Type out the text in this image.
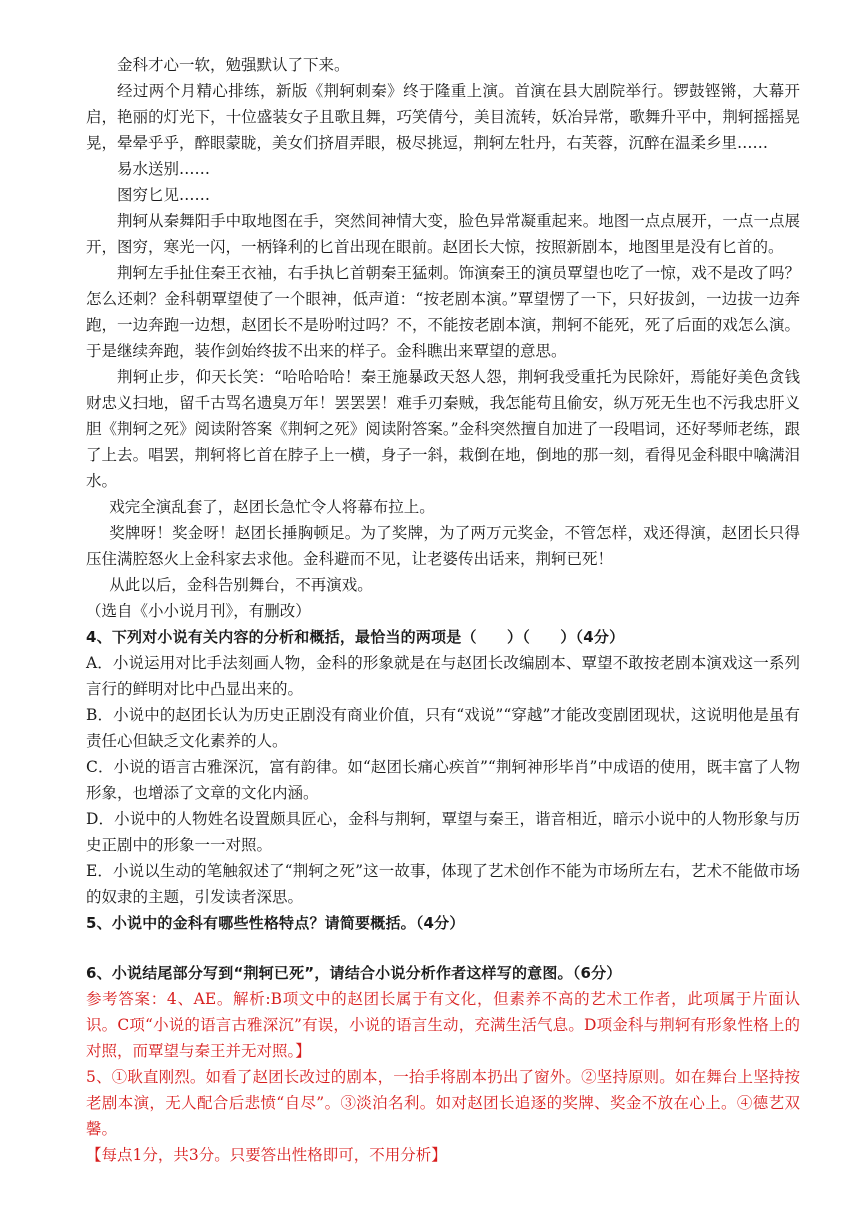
金科才心一软，勉强默认了下来。

经过两个月精心排练，新版《荆轲刺秦》终于隆重上演。首演在县大剧院举行。锣鼓铿锵，大幕开启，艳丽的灯光下，十位盛装女子且歌且舞，巧笑倩兮，美目流转，妖冶异常，歌舞升平中，荆轲摇摇晃晃，晕晕乎乎，醉眼蒙眬，美女们挤眉弄眼，极尽挑逗，荆轲左牡丹，右芙蓉，沉醉在温柔乡里……

易水送别……

图穷匕见……

荆轲从秦舞阳手中取地图在手，突然间神情大变，脸色异常凝重起来。地图一点点展开，一点一点展开，图穷，寒光一闪，一柄锋利的匕首出现在眼前。赵团长大惊，按照新剧本，地图里是没有匕首的。

荆轲左手扯住秦王衣袖，右手执匕首朝秦王猛刺。饰演秦王的演员覃望也吃了一惊，戏不是改了吗？怎么还刺？金科朝覃望使了一个眼神，低声道：“按老剧本演。”覃望愣了一下，只好拔剑，一边拔一边奔跑，一边奔跑一边想，赵团长不是吩咐过吗？不，不能按老剧本演，荆轲不能死，死了后面的戏怎么演。于是继续奔跑，装作剑始终拔不出来的样子。金科瞧出来覃望的意思。

荆轲止步，仰天长笑：“哈哈哈哈！秦王施暴政天怒人怨，荆轲我受重托为民除奸，焉能好美色贪钱财忠义扫地，留千古骂名遗臭万年！罢罢罢！难手刃秦贼，我怎能苟且偷安，纵万死无生也不污我忠肝义胆《荆轲之死》阅读附答案《荆轲之死》阅读附答案。”金科突然擅自加进了一段唱词，还好琴师老练，跟了上去。唱罢，荆轲将匕首在脖子上一横，身子一斜，栽倒在地，倒地的那一刻，看得见金科眼中噙满泪水。

戏完全演乱套了，赵团长急忙令人将幕布拉上。

奖牌呀！奖金呀！赵团长捶胸顿足。为了奖牌，为了两万元奖金，不管怎样，戏还得演，赵团长只得压住满腔怒火上金科家去求他。金科避而不见，让老婆传出话来，荆轲已死！

从此以后，金科告别舞台，不再演戏。

（选自《小小说月刊》，有删改）

4、下列对小说有关内容的分析和概括，最恰当的两项是（　　）（　　）（4分）

A．小说运用对比手法刻画人物，金科的形象就是在与赵团长改编剧本、覃望不敢按老剧本演戏这一系列言行的鲜明对比中凸显出来的。

B．小说中的赵团长认为历史正剧没有商业价值，只有“戏说”“穿越”才能改变剧团现状，这说明他是虽有责任心但缺乏文化素养的人。

C．小说的语言古雅深沉，富有韵律。如“赵团长痛心疾首”“荆轲神形毕肖”中成语的使用，既丰富了人物形象，也增添了文章的文化内涵。

D．小说中的人物姓名设置颇具匠心，金科与荆轲，覃望与秦王，谐音相近，暗示小说中的人物形象与历史正剧中的形象一一对照。

E．小说以生动的笔触叙述了“荆轲之死”这一故事，体现了艺术创作不能为市场所左右，艺术不能做市场的奴隶的主题，引发读者深思。

5、小说中的金科有哪些性格特点？请简要概括。（4分）

6、小说结尾部分写到“荆轲已死”，请结合小说分析作者这样写的意图。（6分）

参考答案：4、AE。解析:B项文中的赵团长属于有文化，但素养不高的艺术工作者，此项属于片面认识。C项“小说的语言古雅深沉”有误，小说的语言生动，充满生活气息。D项金科与荆轲有形象性格上的对照，而覃望与秦王并无对照。】

5、①耿直刚烈。如看了赵团长改过的剧本，一抬手将剧本扔出了窗外。②坚持原则。如在舞台上坚持按老剧本演，无人配合后悲愤“自尽”。③淡泊名利。如对赵团长追逐的奖牌、奖金不放在心上。④德艺双馨。

【每点1分，共3分。只要答出性格即可，不用分析】
